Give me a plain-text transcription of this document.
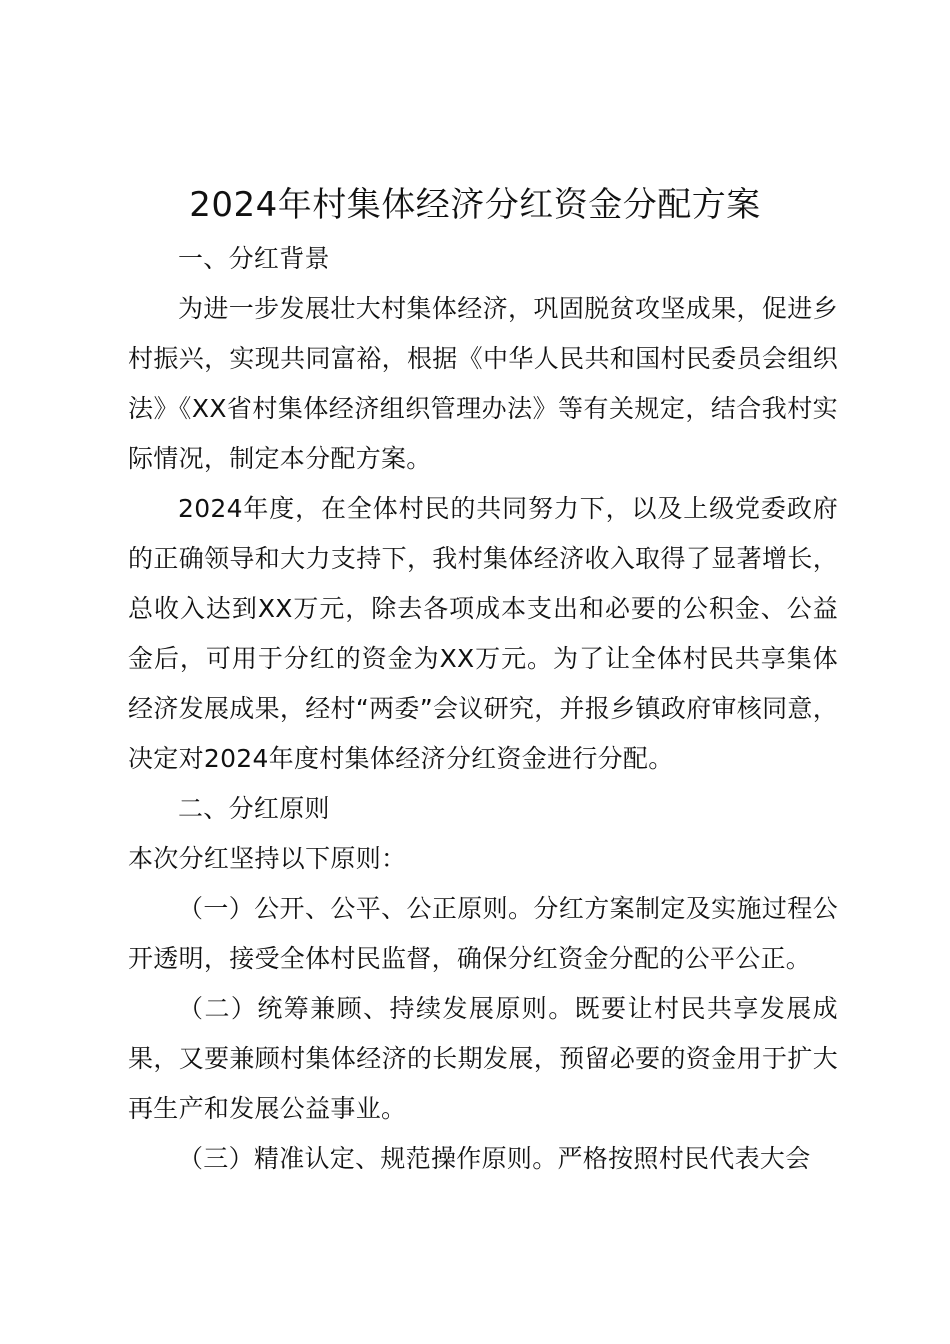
2024年村集体经济分红资金分配方案

一、分红背景

为进一步发展壮大村集体经济，巩固脱贫攻坚成果，促进乡村振兴，实现共同富裕，根据《中华人民共和国村民委员会组织法》《XX省村集体经济组织管理办法》等有关规定，结合我村实际情况，制定本分配方案。

2024年度，在全体村民的共同努力下，以及上级党委政府的正确领导和大力支持下，我村集体经济收入取得了显著增长，总收入达到XX万元，除去各项成本支出和必要的公积金、公益金后，可用于分红的资金为XX万元。为了让全体村民共享集体经济发展成果，经村“两委”会议研究，并报乡镇政府审核同意，决定对2024年度村集体经济分红资金进行分配。

二、分红原则

本次分红坚持以下原则：

（一）公开、公平、公正原则。分红方案制定及实施过程公开透明，接受全体村民监督，确保分红资金分配的公平公正。

（二）统筹兼顾、持续发展原则。既要让村民共享发展成果，又要兼顾村集体经济的长期发展，预留必要的资金用于扩大再生产和发展公益事业。

（三）精准认定、规范操作原则。严格按照村民代表大会
